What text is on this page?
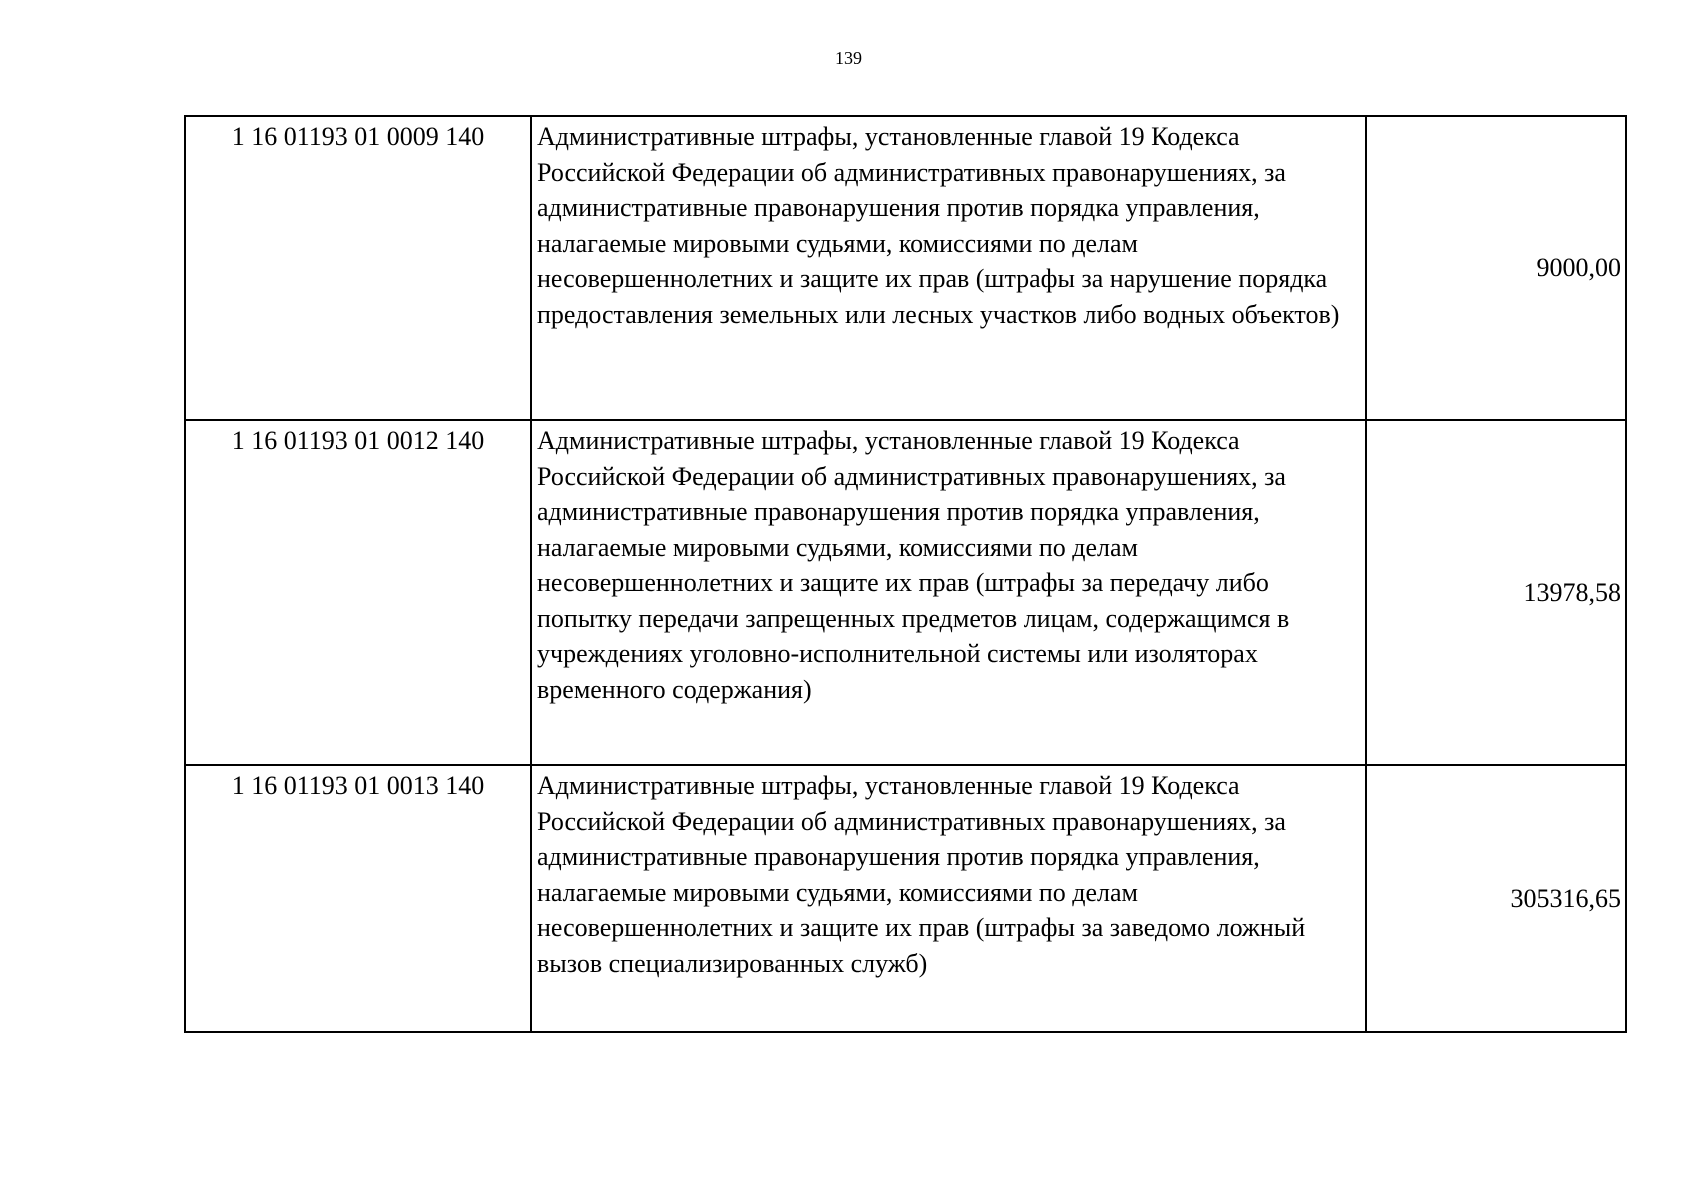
139
1 16 01193 01 0009 140	Административные штрафы, установленные главой 19 Кодекса Российской Федерации об административных правонарушениях, за административные правонарушения против порядка управления, налагаемые мировыми судьями, комиссиями по делам несовершеннолетних и защите их прав (штрафы за нарушение порядка предоставления земельных или лесных участков либо водных объектов)	9000,00
1 16 01193 01 0012 140	Административные штрафы, установленные главой 19 Кодекса Российской Федерации об административных правонарушениях, за административные правонарушения против порядка управления, налагаемые мировыми судьями, комиссиями по делам несовершеннолетних и защите их прав (штрафы за передачу либо попытку передачи запрещенных предметов лицам, содержащимся в учреждениях уголовно-исполнительной системы или изоляторах временного содержания)	13978,58
1 16 01193 01 0013 140	Административные штрафы, установленные главой 19 Кодекса Российской Федерации об административных правонарушениях, за административные правонарушения против порядка управления, налагаемые мировыми судьями, комиссиями по делам несовершеннолетних и защите их прав (штрафы за заведомо ложный вызов специализированных служб)	305316,65
